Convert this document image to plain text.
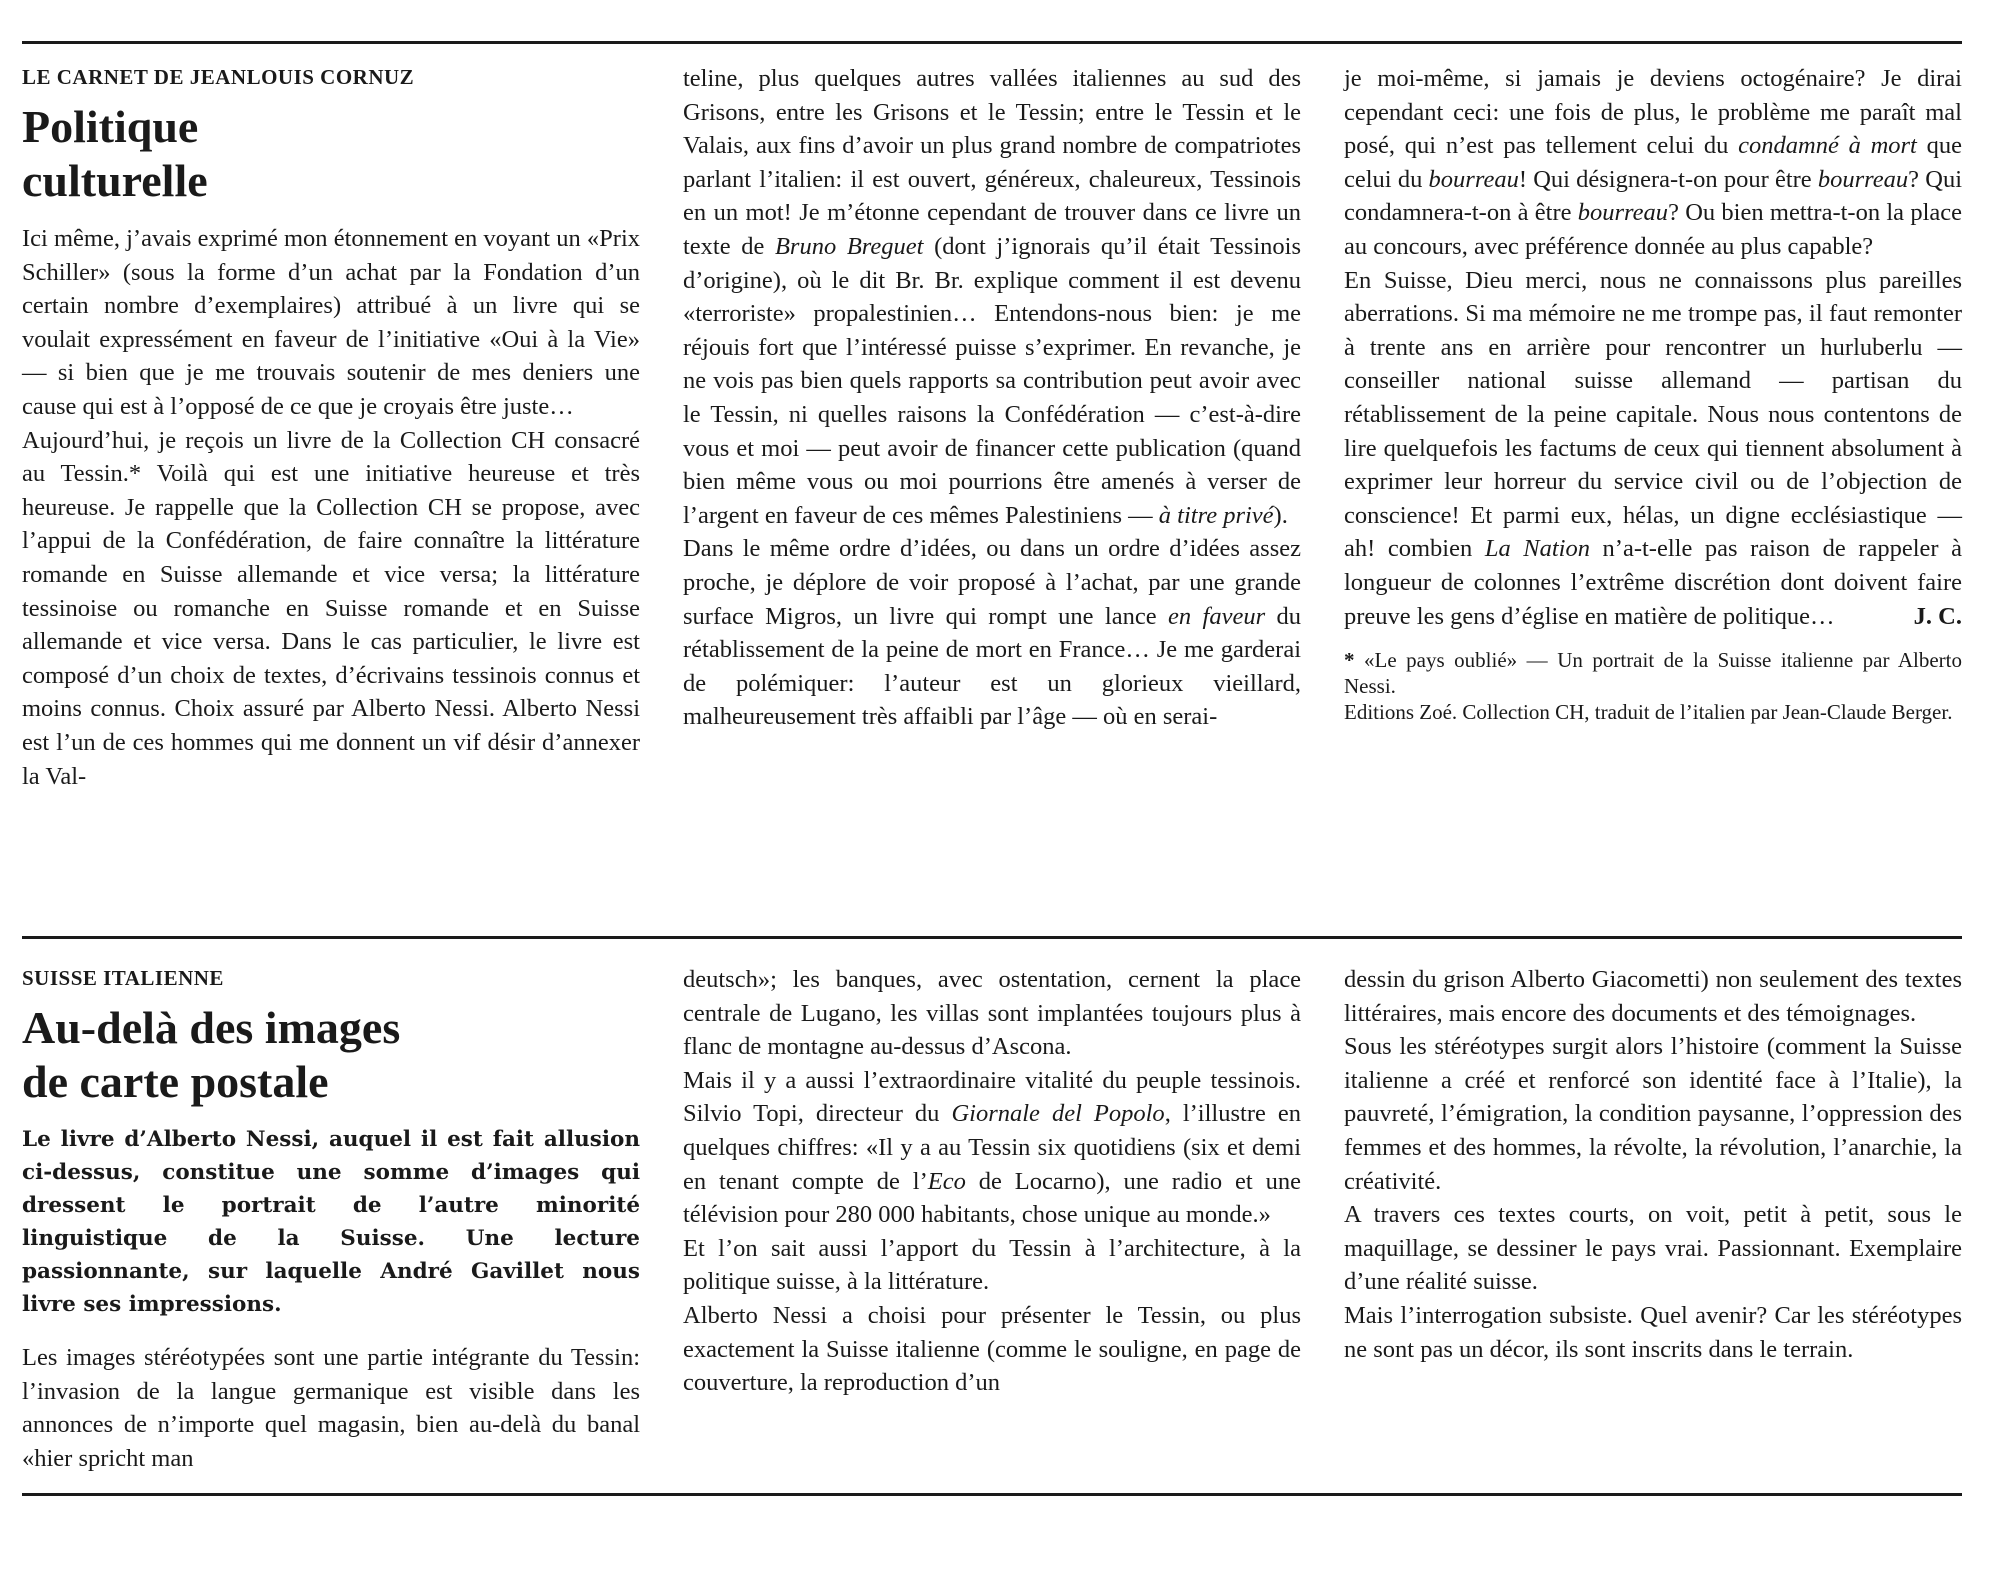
LE CARNET DE JEANLOUIS CORNUZ
Politique
culturelle

Ici même, j’avais exprimé mon étonnement en voyant un «Prix Schiller» (sous la forme d’un achat par la Fondation d’un certain nombre d’exemplaires) attribué à un livre qui se voulait expressément en faveur de l’initiative «Oui à la Vie» — si bien que je me trouvais soutenir de mes deniers une cause qui est à l’opposé de ce que je croyais être juste…

Aujourd’hui, je reçois un livre de la Collection CH consacré au Tessin.* Voilà qui est une initiative heureuse et très heureuse. Je rappelle que la Collection CH se propose, avec l’appui de la Confédération, de faire connaître la littérature romande en Suisse allemande et vice versa; la littérature tessinoise ou romanche en Suisse romande et en Suisse allemande et vice versa. Dans le cas particulier, le livre est composé d’un choix de textes, d’écrivains tessinois connus et moins connus. Choix assuré par Alberto Nessi. Alberto Nessi est l’un de ces hommes qui me donnent un vif désir d’annexer la Val-

teline, plus quelques autres vallées italiennes au sud des Grisons, entre les Grisons et le Tessin; entre le Tessin et le Valais, aux fins d’avoir un plus grand nombre de compatriotes parlant l’italien: il est ouvert, généreux, chaleureux, Tessinois en un mot! Je m’étonne cependant de trouver dans ce livre un texte de Bruno Breguet (dont j’ignorais qu’il était Tessinois d’origine), où le dit Br. Br. explique comment il est devenu «terroriste» propalestinien… Entendons-nous bien: je me réjouis fort que l’intéressé puisse s’exprimer. En revanche, je ne vois pas bien quels rapports sa contribution peut avoir avec le Tessin, ni quelles raisons la Confédération — c’est-à-dire vous et moi — peut avoir de financer cette publication (quand bien même vous ou moi pourrions être amenés à verser de l’argent en faveur de ces mêmes Palestiniens — à titre privé).

Dans le même ordre d’idées, ou dans un ordre d’idées assez proche, je déplore de voir proposé à l’achat, par une grande surface Migros, un livre qui rompt une lance en faveur du rétablissement de la peine de mort en France… Je me garderai de polémiquer: l’auteur est un glorieux vieillard, malheureusement très affaibli par l’âge — où en serai-

je moi-même, si jamais je deviens octogénaire? Je dirai cependant ceci: une fois de plus, le problème me paraît mal posé, qui n’est pas tellement celui du condamné à mort que celui du bourreau! Qui désignera-t-on pour être bourreau? Qui condamnera-t-on à être bourreau? Ou bien mettra-t-on la place au concours, avec préférence donnée au plus capable?

En Suisse, Dieu merci, nous ne connaissons plus pareilles aberrations. Si ma mémoire ne me trompe pas, il faut remonter à trente ans en arrière pour rencontrer un hurluberlu — conseiller national suisse allemand — partisan du rétablissement de la peine capitale. Nous nous contentons de lire quelquefois les factums de ceux qui tiennent absolument à exprimer leur horreur du service civil ou de l’objection de conscience! Et parmi eux, hélas, un digne ecclésiastique — ah! combien La Nation n’a-t-elle pas raison de rappeler à longueur de colonnes l’extrême discrétion dont doivent faire preuve les gens d’église en matière de politique…	J. C.

* «Le pays oublié» — Un portrait de la Suisse italienne par Alberto Nessi.

Editions Zoé. Collection CH, traduit de l’italien par Jean-Claude Berger.

SUISSE ITALIENNE
Au-delà des images
de carte postale
Le livre d’Alberto Nessi, auquel il est fait allusion ci-dessus, constitue une somme d’images qui dressent le portrait de l’autre minorité linguistique de la Suisse. Une lecture passionnante, sur laquelle André Gavillet nous livre ses impressions.

Les images stéréotypées sont une partie intégrante du Tessin: l’invasion de la langue germanique est visible dans les annonces de n’importe quel magasin, bien au-delà du banal «hier spricht man

deutsch»; les banques, avec ostentation, cernent la place centrale de Lugano, les villas sont implantées toujours plus à flanc de montagne au-dessus d’Ascona.

Mais il y a aussi l’extraordinaire vitalité du peuple tessinois. Silvio Topi, directeur du Giornale del Popolo, l’illustre en quelques chiffres: «Il y a au Tessin six quotidiens (six et demi en tenant compte de l’Eco de Locarno), une radio et une télévision pour 280 000 habitants, chose unique au monde.»

Et l’on sait aussi l’apport du Tessin à l’architecture, à la politique suisse, à la littérature.

Alberto Nessi a choisi pour présenter le Tessin, ou plus exactement la Suisse italienne (comme le souligne, en page de couverture, la reproduction d’un

dessin du grison Alberto Giacometti) non seulement des textes littéraires, mais encore des documents et des témoignages.

Sous les stéréotypes surgit alors l’histoire (comment la Suisse italienne a créé et renforcé son identité face à l’Italie), la pauvreté, l’émigration, la condition paysanne, l’oppression des femmes et des hommes, la révolte, la révolution, l’anarchie, la créativité.

A travers ces textes courts, on voit, petit à petit, sous le maquillage, se dessiner le pays vrai. Passionnant. Exemplaire d’une réalité suisse.

Mais l’interrogation subsiste. Quel avenir? Car les stéréotypes ne sont pas un décor, ils sont inscrits dans le terrain.
